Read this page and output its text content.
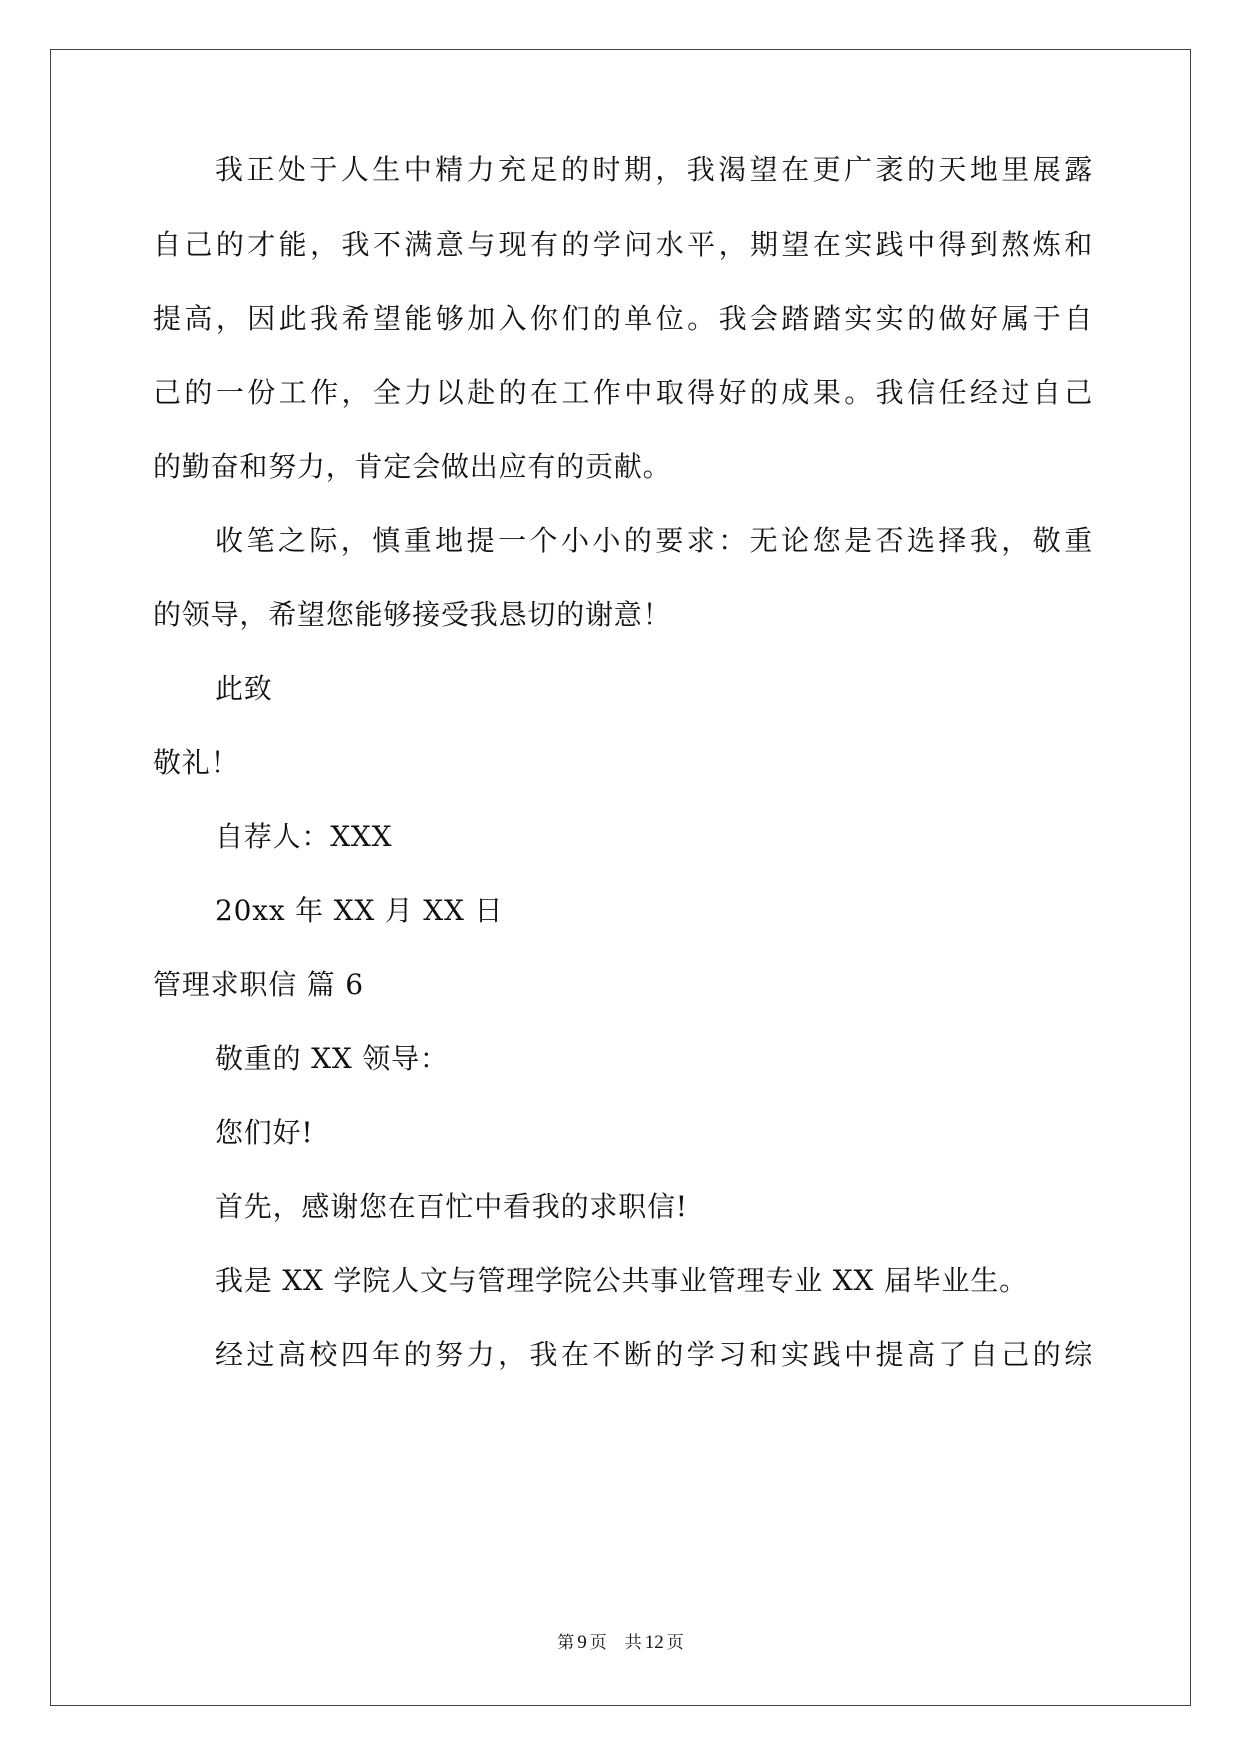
我正处于人生中精力充足的时期，我渴望在更广袤的天地里展露
自己的才能，我不满意与现有的学问水平，期望在实践中得到熬炼和
提高，因此我希望能够加入你们的单位。我会踏踏实实的做好属于自
己的一份工作，全力以赴的在工作中取得好的成果。我信任经过自己
的勤奋和努力，肯定会做出应有的贡献。
收笔之际，慎重地提一个小小的要求：无论您是否选择我，敬重
的领导，希望您能够接受我恳切的谢意！
此致
敬礼！
自荐人：XXX
20xx 年 XX 月 XX 日
管理求职信 篇 6
敬重的 XX 领导：
您们好!
首先，感谢您在百忙中看我的求职信!
我是 XX 学院人文与管理学院公共事业管理专业 XX 届毕业生。
经过高校四年的努力，我在不断的学习和实践中提高了自己的综
第 9 页 共 12 页
